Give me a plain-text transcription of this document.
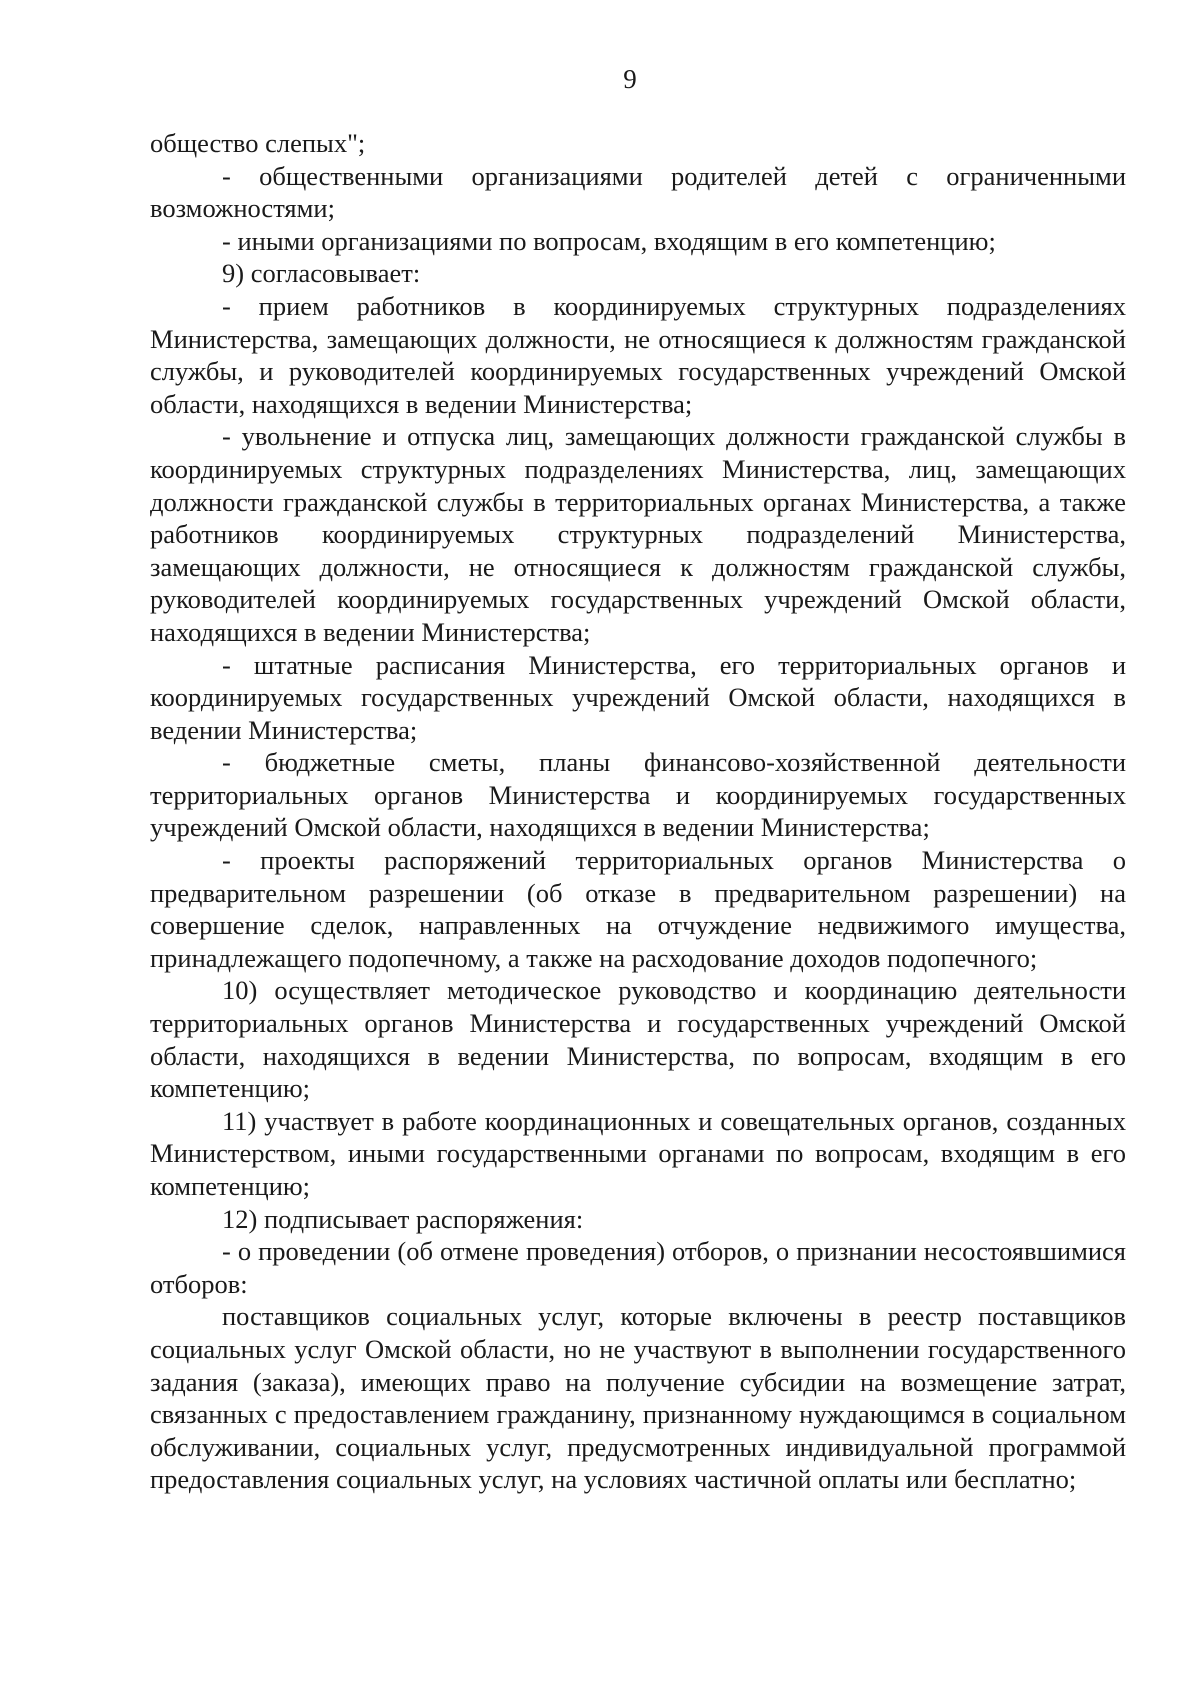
9

общество слепых";

- общественными организациями родителей детей с ограниченными возможностями;

- иными организациями по вопросам, входящим в его компетенцию;

9) согласовывает:

- прием работников в координируемых структурных подразделениях Министерства, замещающих должности, не относящиеся к должностям гражданской службы, и руководителей координируемых государственных учреждений Омской области, находящихся в ведении Министерства;

- увольнение и отпуска лиц, замещающих должности гражданской службы в координируемых структурных подразделениях Министерства, лиц, замещающих должности гражданской службы в территориальных органах Министерства, а также работников координируемых структурных подразделений Министерства, замещающих должности, не относящиеся к должностям гражданской службы, руководителей координируемых государственных учреждений Омской области, находящихся в ведении Министерства;

- штатные расписания Министерства, его территориальных органов и координируемых государственных учреждений Омской области, находящихся в ведении Министерства;

- бюджетные сметы, планы финансово-хозяйственной деятельности территориальных органов Министерства и координируемых государственных учреждений Омской области, находящихся в ведении Министерства;

- проекты распоряжений территориальных органов Министерства о предварительном разрешении (об отказе в предварительном разрешении) на совершение сделок, направленных на отчуждение недвижимого имущества, принадлежащего подопечному, а также на расходование доходов подопечного;

10) осуществляет методическое руководство и координацию деятельности территориальных органов Министерства и государственных учреждений Омской области, находящихся в ведении Министерства, по вопросам, входящим в его компетенцию;

11) участвует в работе координационных и совещательных органов, созданных Министерством, иными государственными органами по вопросам, входящим в его компетенцию;

12) подписывает распоряжения:

- о проведении (об отмене проведения) отборов, о признании несостоявшимися отборов:

поставщиков социальных услуг, которые включены в реестр поставщиков социальных услуг Омской области, но не участвуют в выполнении государственного задания (заказа), имеющих право на получение субсидии на возмещение затрат, связанных с предоставлением гражданину, признанному нуждающимся в социальном обслуживании, социальных услуг, предусмотренных индивидуальной программой предоставления социальных услуг, на условиях частичной оплаты или бесплатно;
